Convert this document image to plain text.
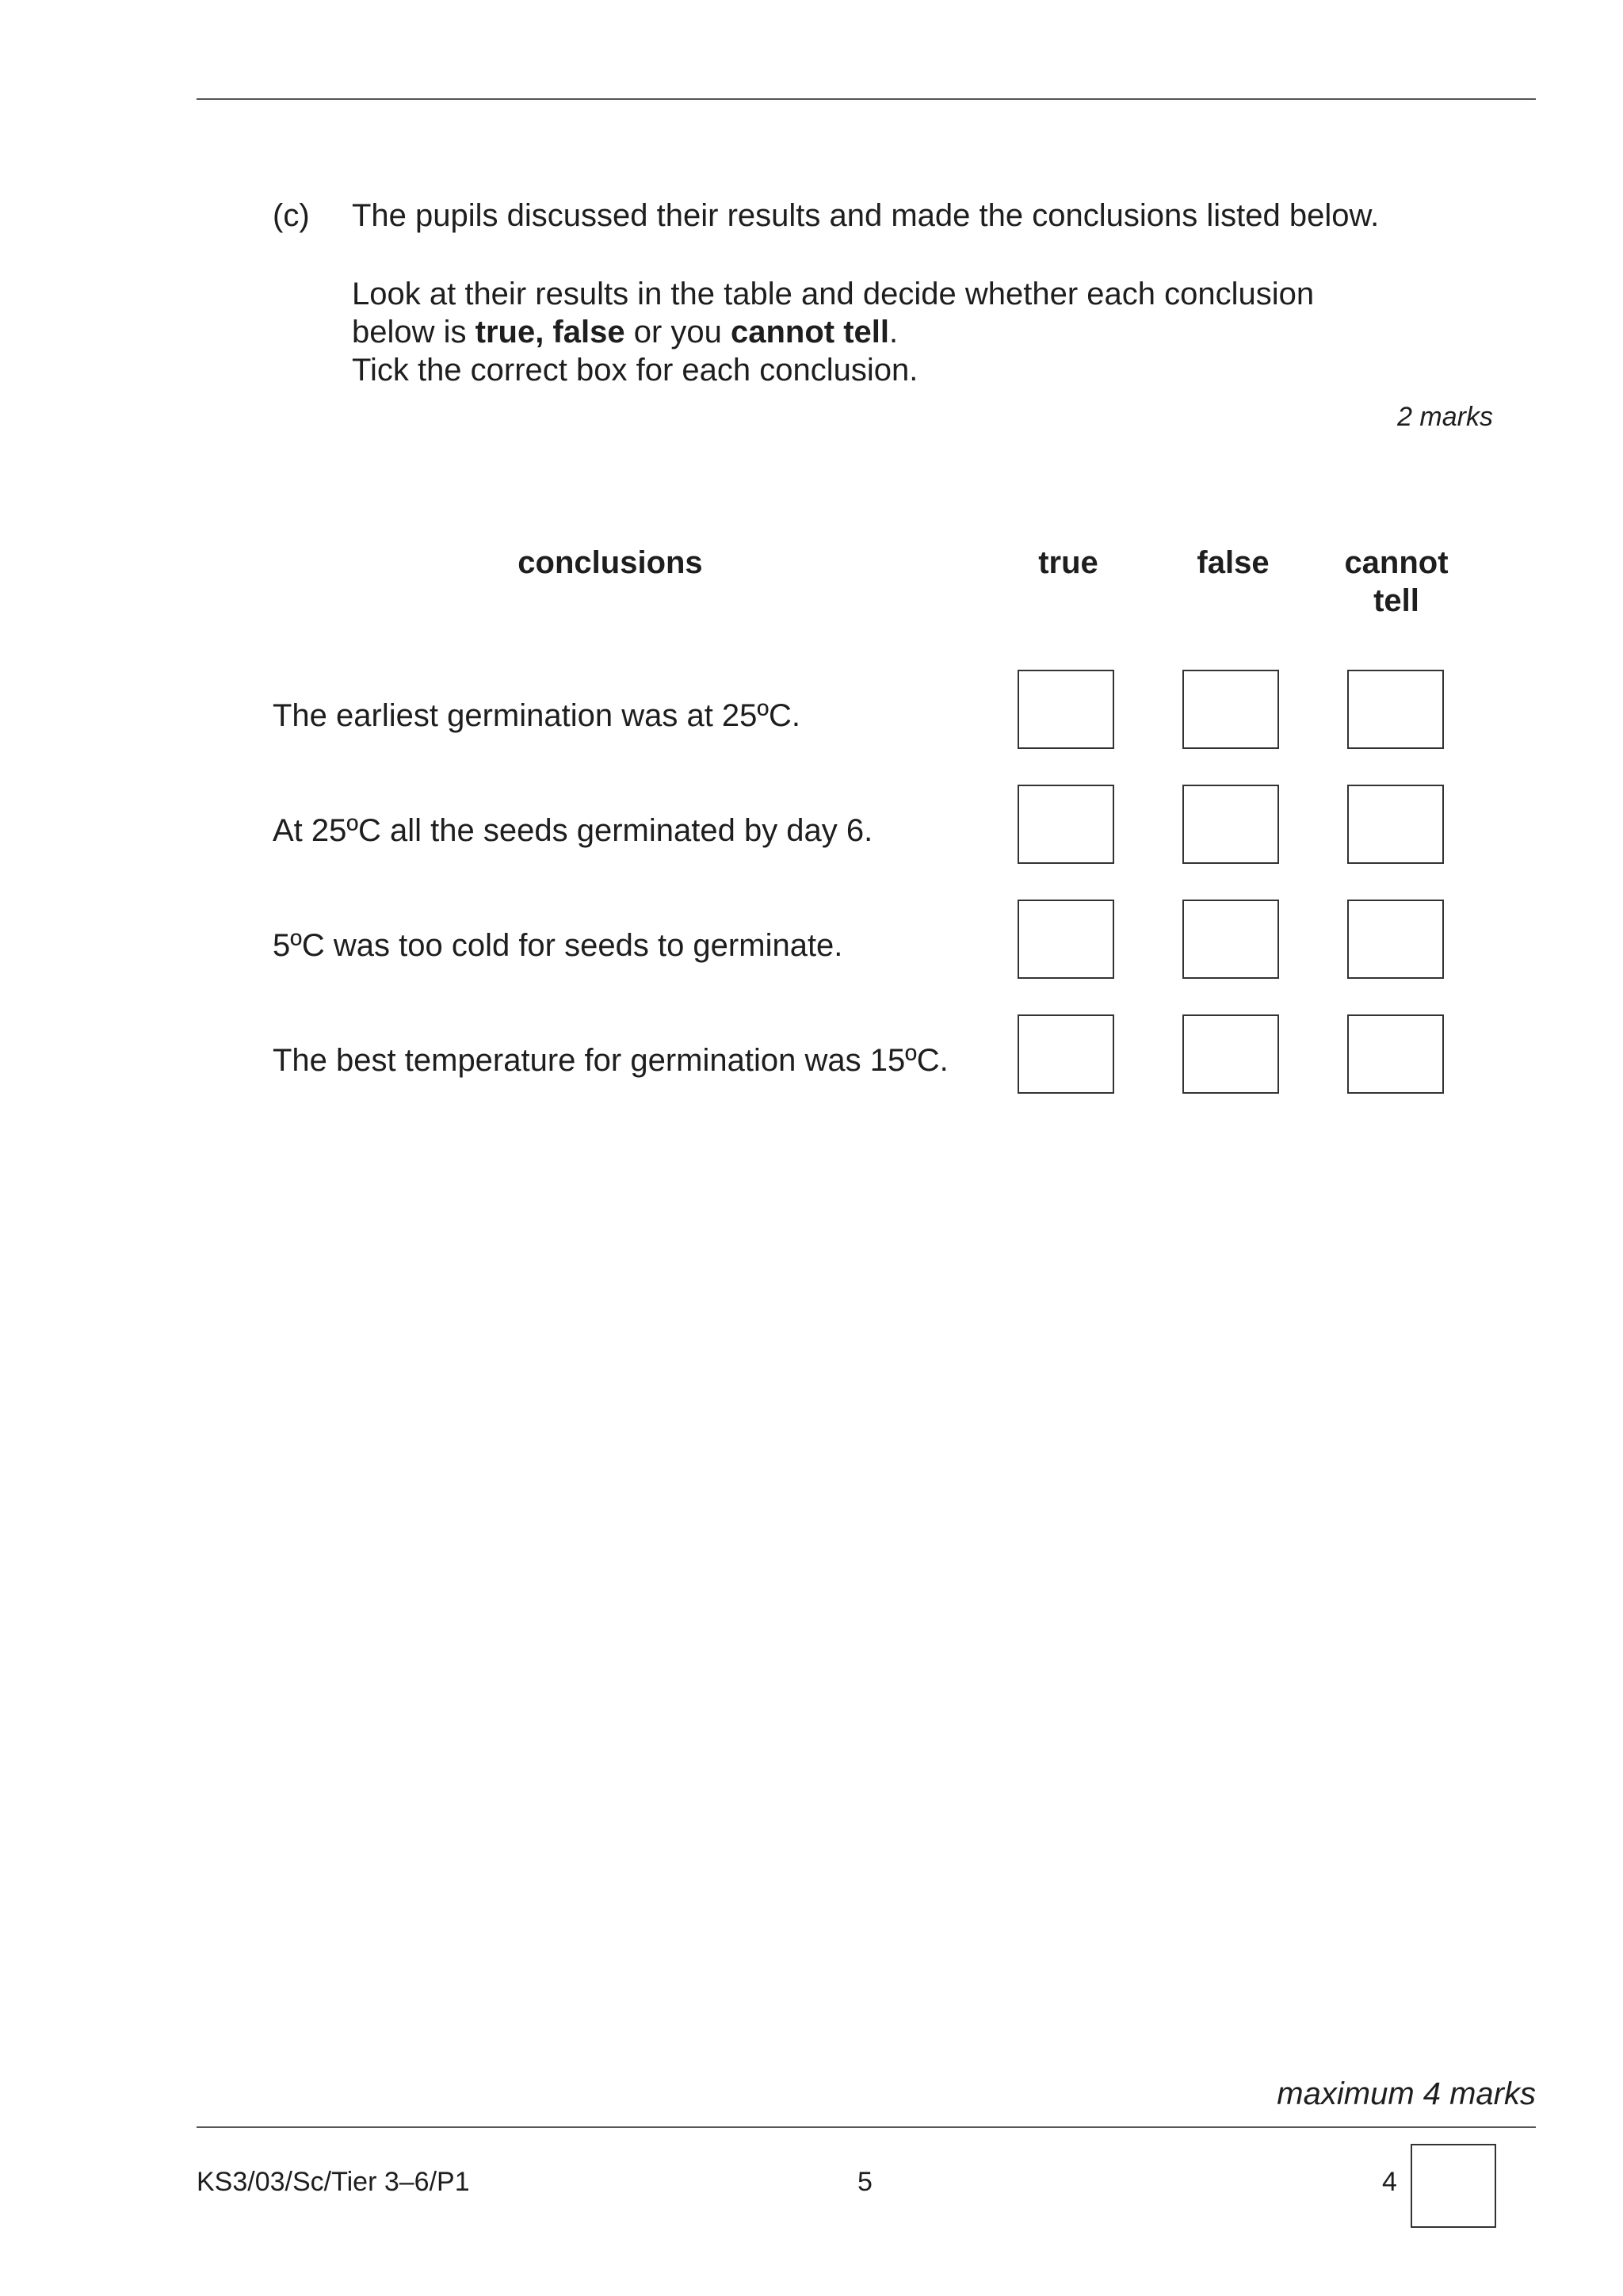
(c) The pupils discussed their results and made the conclusions listed below.
Look at their results in the table and decide whether each conclusion
below is true, false or you cannot tell.
Tick the correct box for each conclusion.
2 marks
conclusions	true	false	cannot
tell
The earliest germination was at 25ºC.
At 25ºC all the seeds germinated by day 6.
5ºC was too cold for seeds to germinate.
The best temperature for germination was 15ºC.
maximum 4 marks
KS3/03/Sc/Tier 3–6/P1	5	4
